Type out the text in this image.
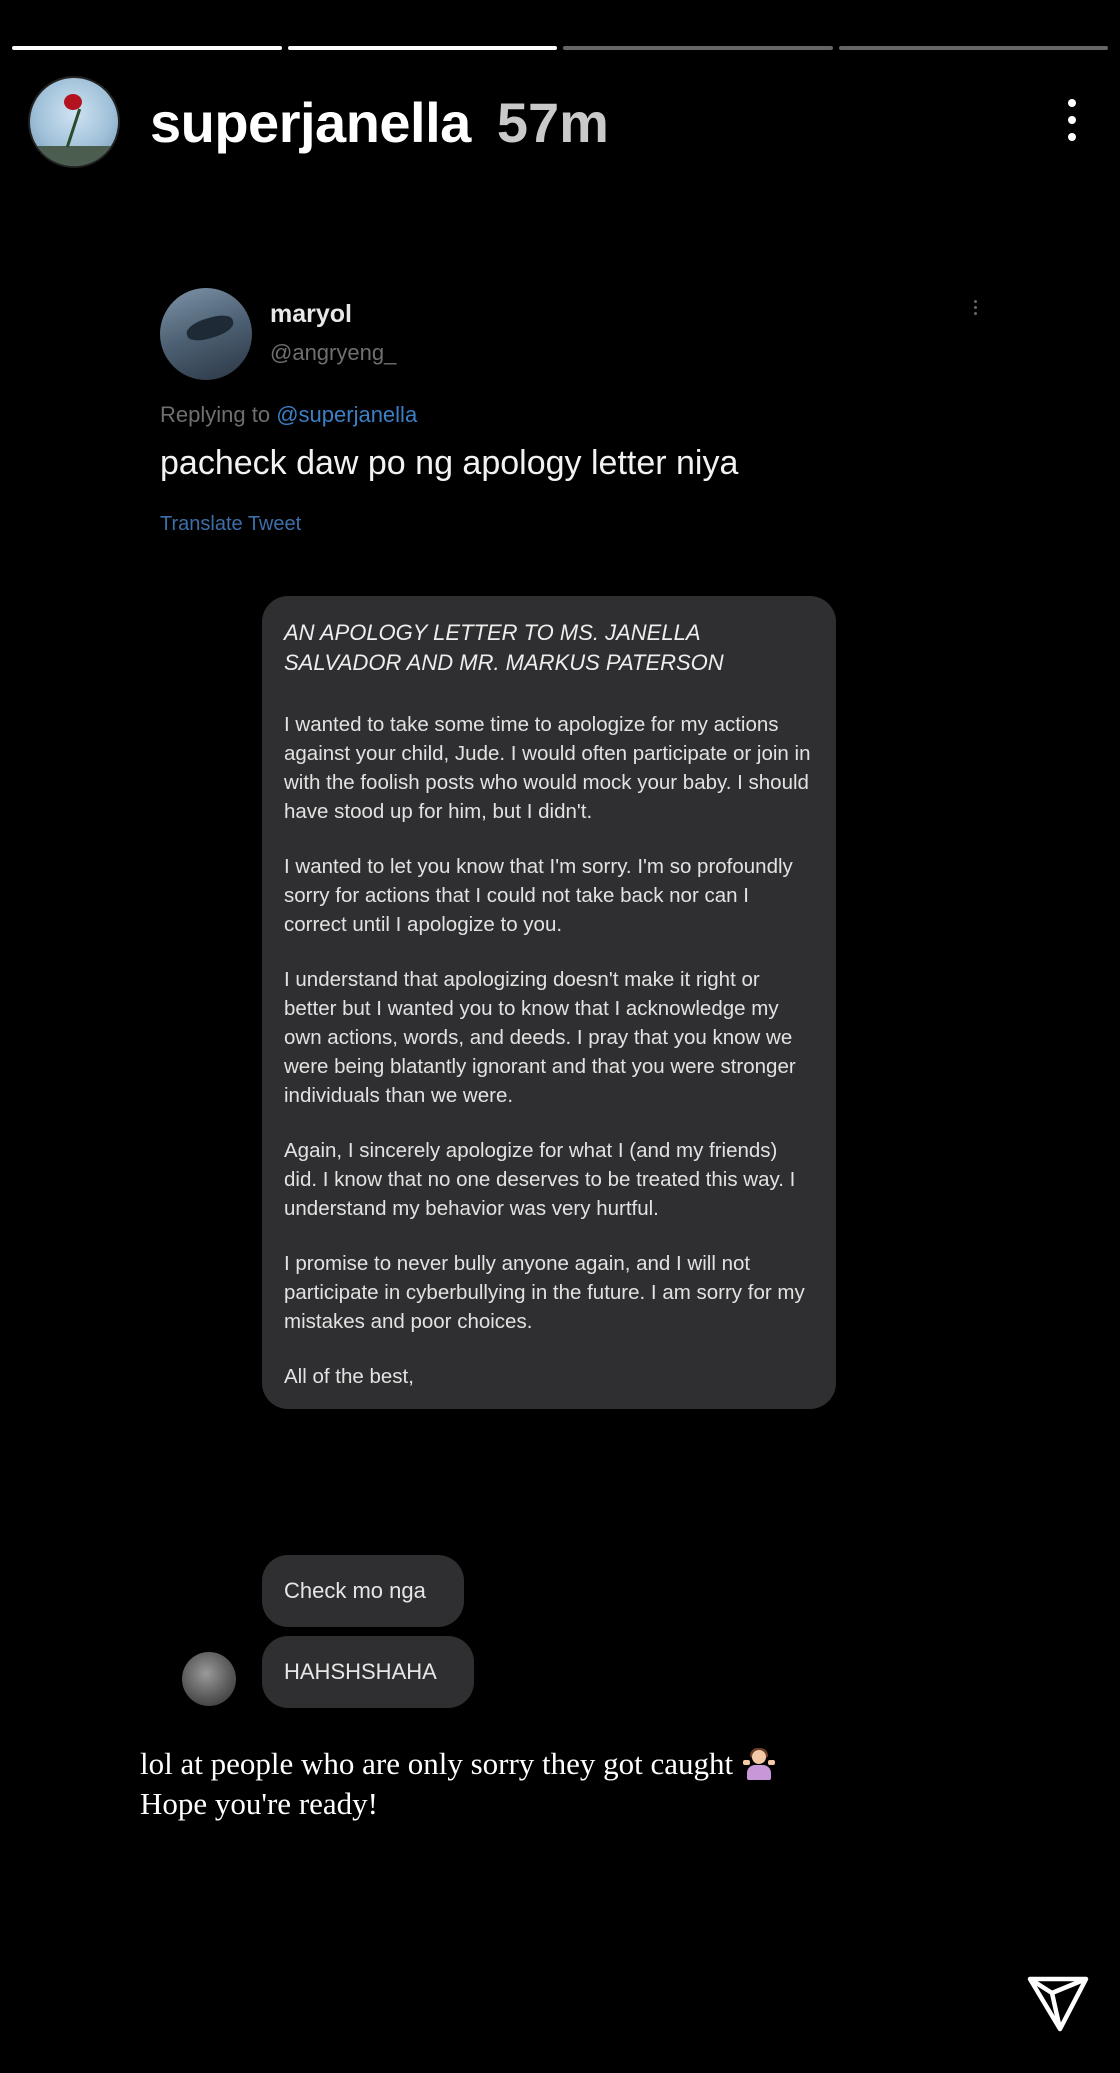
superjanella 57m
maryol
@angryeng_
Replying to @superjanella
pacheck daw po ng apology letter niya
Translate Tweet
AN APOLOGY LETTER TO MS. JANELLA SALVADOR AND MR. MARKUS PATERSON

I wanted to take some time to apologize for my actions against your child, Jude. I would often participate or join in with the foolish posts who would mock your baby. I should have stood up for him, but I didn't.

I wanted to let you know that I'm sorry. I'm so profoundly sorry for actions that I could not take back nor can I correct until I apologize to you.

I understand that apologizing doesn't make it right or better but I wanted you to know that I acknowledge my own actions, words, and deeds. I pray that you know we were being blatantly ignorant and that you were stronger individuals than we were.

Again, I sincerely apologize for what I (and my friends) did. I know that no one deserves to be treated this way. I understand my behavior was very hurtful.

I promise to never bully anyone again, and I will not participate in cyberbullying in the future. I am sorry for my mistakes and poor choices.

All of the best,

Check mo nga
HAHSHSHAHA
lol at people who are only sorry they got caught
Hope you're ready!
